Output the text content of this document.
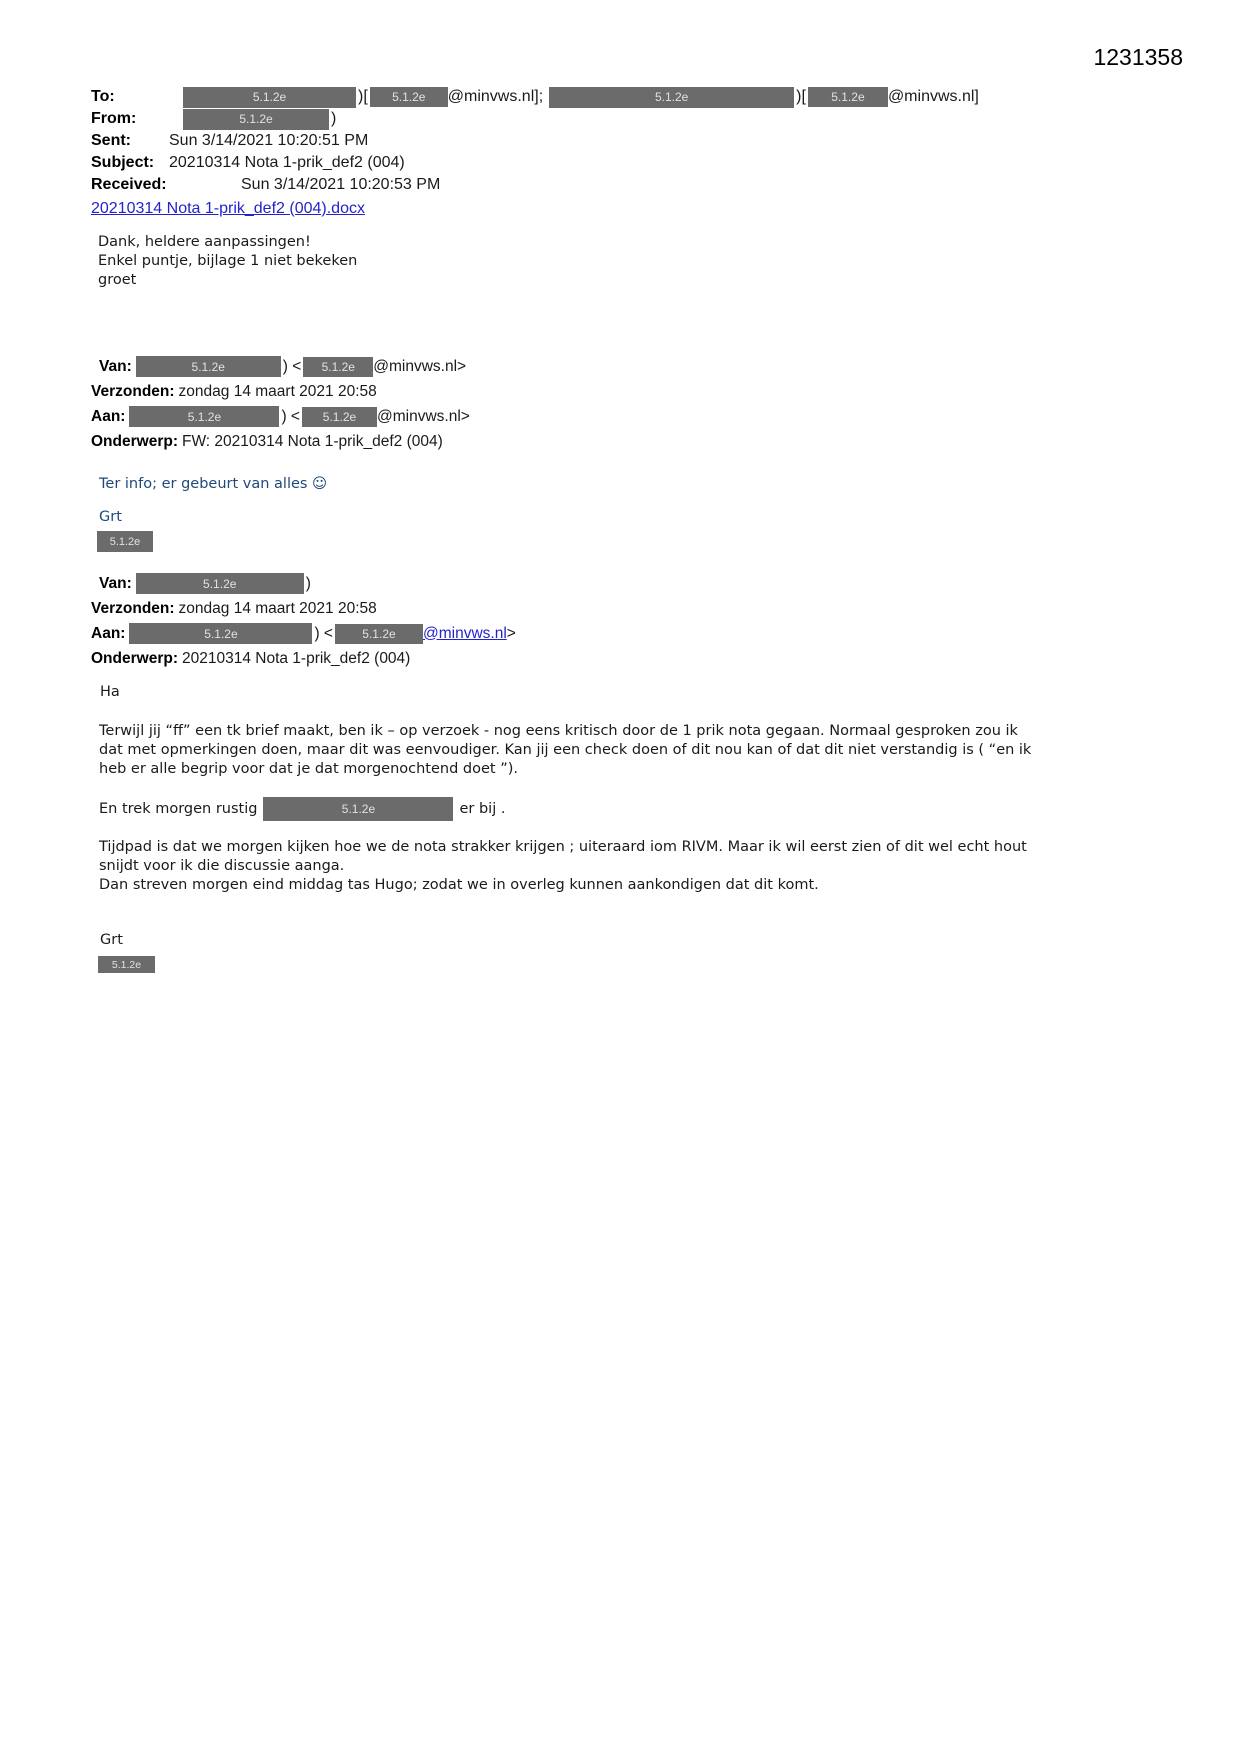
1231358
To:	5.1.2e	)[	5.1.2e	@minvws.nl];	5.1.2e	)[	5.1.2e	@minvws.nl]
From:	5.1.2e	)
Sent:	Sun 3/14/2021 10:20:51 PM
Subject: 20210314 Nota 1-prik_def2 (004)
Received:	Sun 3/14/2021 10:20:53 PM
20210314 Nota 1-prik_def2 (004).docx
Dank, heldere aanpassingen!
Enkel puntje, bijlage 1 niet bekeken
groet
Van:	5.1.2e	) <	5.1.2e	@minvws.nl>
Verzonden: zondag 14 maart 2021 20:58
Aan:	5.1.2e	) <	5.1.2e	@minvws.nl>
Onderwerp: FW: 20210314 Nota 1-prik_def2 (004)
Ter info; er gebeurt van alles ☺
Grt
5.1.2e
Van:	5.1.2e	)
Verzonden: zondag 14 maart 2021 20:58
Aan:	5.1.2e	) <	5.1.2e	@minvws.nl >
Onderwerp: 20210314 Nota 1-prik_def2 (004)
Ha
Terwijl jij “ff” een tk brief maakt, ben ik – op verzoek - nog eens kritisch door de 1 prik nota gegaan. Normaal gesproken zou ik
dat met opmerkingen doen, maar dit was eenvoudiger. Kan jij een check doen of dit nou kan of dat dit niet verstandig is ( “en ik
heb er alle begrip voor dat je dat morgenochtend doet ”).
En trek morgen rustig	5.1.2e	er bij .
Tijdpad is dat we morgen kijken hoe we de nota strakker krijgen ; uiteraard iom RIVM. Maar ik wil eerst zien of dit wel echt hout
snijdt voor ik die discussie aanga.
Dan streven morgen eind middag tas Hugo; zodat we in overleg kunnen aankondigen dat dit komt.
Grt
5.1.2e
